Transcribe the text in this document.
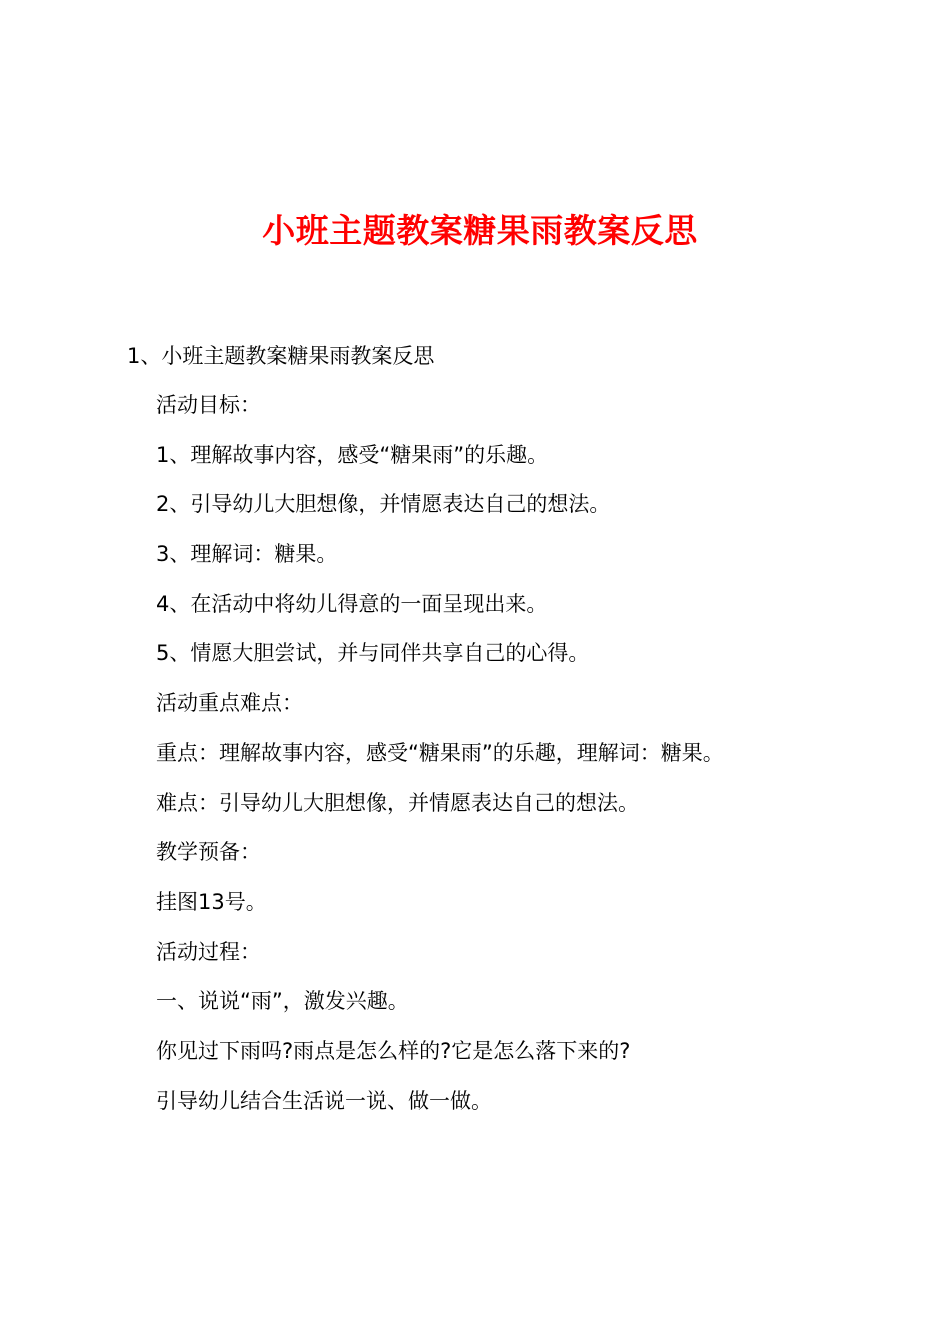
小班主题教案糖果雨教案反思
1、小班主题教案糖果雨教案反思
活动目标：
1、理解故事内容，感受“糖果雨”的乐趣。
2、引导幼儿大胆想像，并情愿表达自己的想法。
3、理解词：糖果。
4、在活动中将幼儿得意的一面呈现出来。
5、情愿大胆尝试，并与同伴共享自己的心得。
活动重点难点：
重点：理解故事内容，感受“糖果雨”的乐趣，理解词：糖果。
难点：引导幼儿大胆想像，并情愿表达自己的想法。
教学预备：
挂图13号。
活动过程：
一、说说“雨”，激发兴趣。
你见过下雨吗?雨点是怎么样的?它是怎么落下来的?
引导幼儿结合生活说一说、做一做。
